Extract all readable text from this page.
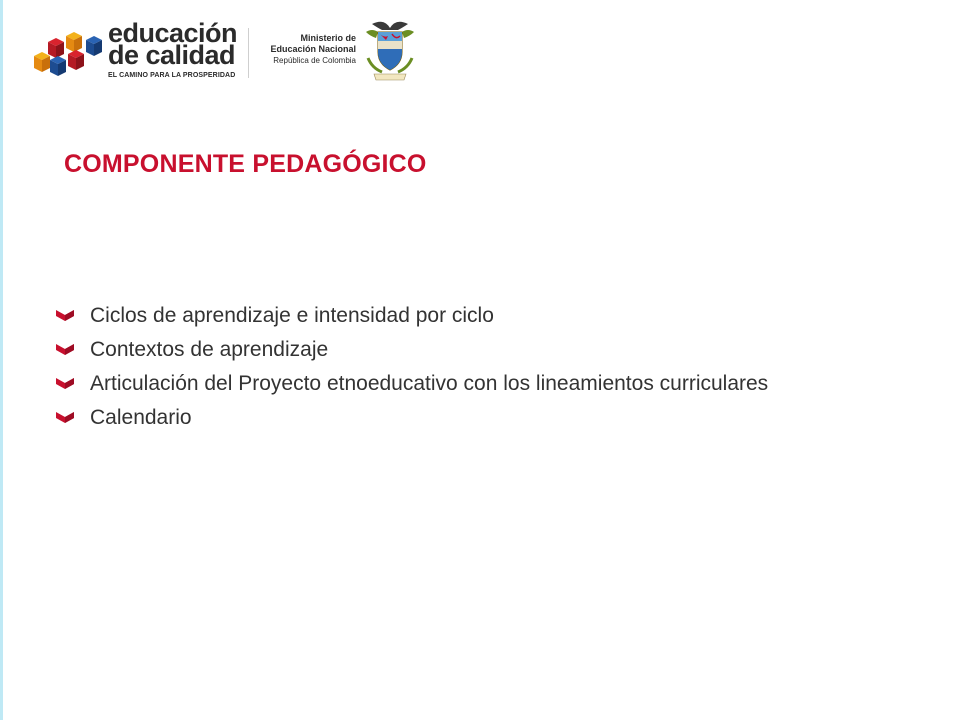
educación
de calidad
EL CAMINO PARA LA PROSPERIDAD
Ministerio de
Educación Nacional
República de Colombia
COMPONENTE PEDAGÓGICO
Ciclos de aprendizaje e intensidad por ciclo
Contextos de aprendizaje
Articulación del Proyecto etnoeducativo con los lineamientos curriculares
Calendario
